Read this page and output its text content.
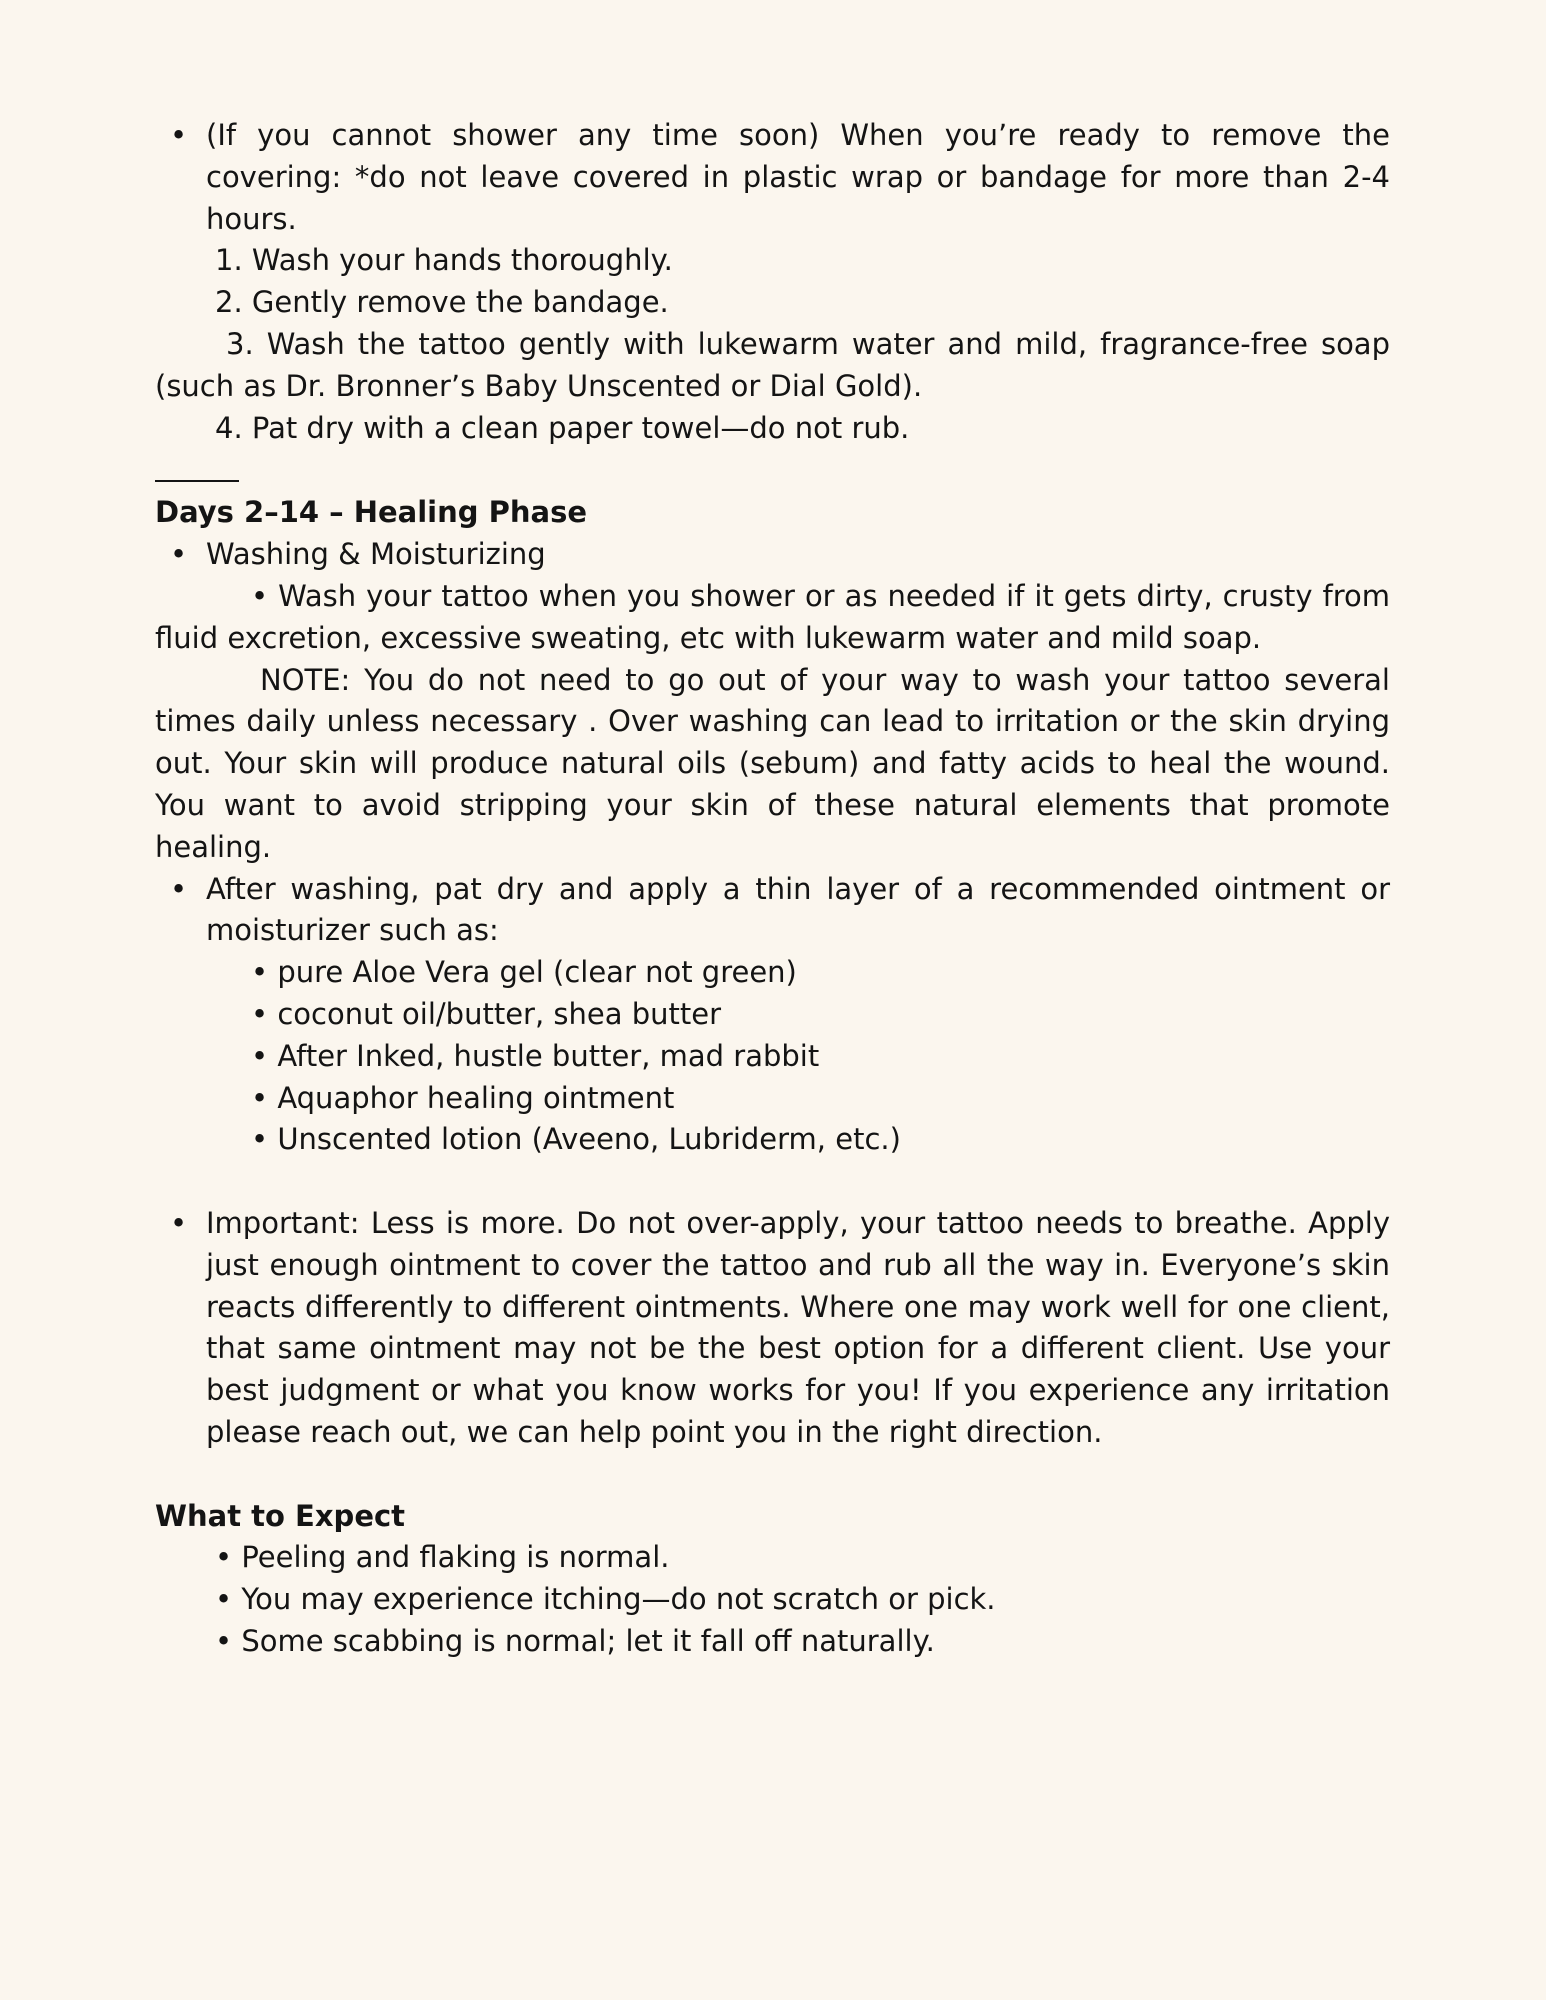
• (If you cannot shower any time soon) When you’re ready to remove the covering: *do not leave covered in plastic wrap or bandage for more than 2-4 hours.

1. Wash your hands thoroughly.

2. Gently remove the bandage.

3. Wash the tattoo gently with lukewarm water and mild, fragrance-free soap (such as Dr. Bronner’s Baby Unscented or Dial Gold).

4. Pat dry with a clean paper towel—do not rub.

Days 2–14 – Healing Phase

• Washing & Moisturizing

• Wash your tattoo when you shower or as needed if it gets dirty, crusty from fluid excretion, excessive sweating, etc with lukewarm water and mild soap.

NOTE: You do not need to go out of your way to wash your tattoo several times daily unless necessary . Over washing can lead to irritation or the skin drying out. Your skin will produce natural oils (sebum) and fatty acids to heal the wound. You want to avoid stripping your skin of these natural elements that promote healing.

• After washing, pat dry and apply a thin layer of a recommended ointment or moisturizer such as:

• pure Aloe Vera gel (clear not green)

• coconut oil/butter, shea butter

• After Inked, hustle butter, mad rabbit

• Aquaphor healing ointment

• Unscented lotion (Aveeno, Lubriderm, etc.)

• Important: Less is more. Do not over-apply, your tattoo needs to breathe. Apply just enough ointment to cover the tattoo and rub all the way in. Everyone’s skin reacts differently to different ointments. Where one may work well for one client, that same ointment may not be the best option for a different client. Use your best judgment or what you know works for you! If you experience any irritation please reach out, we can help point you in the right direction.

What to Expect

• Peeling and flaking is normal.

• You may experience itching—do not scratch or pick.

• Some scabbing is normal; let it fall off naturally.
